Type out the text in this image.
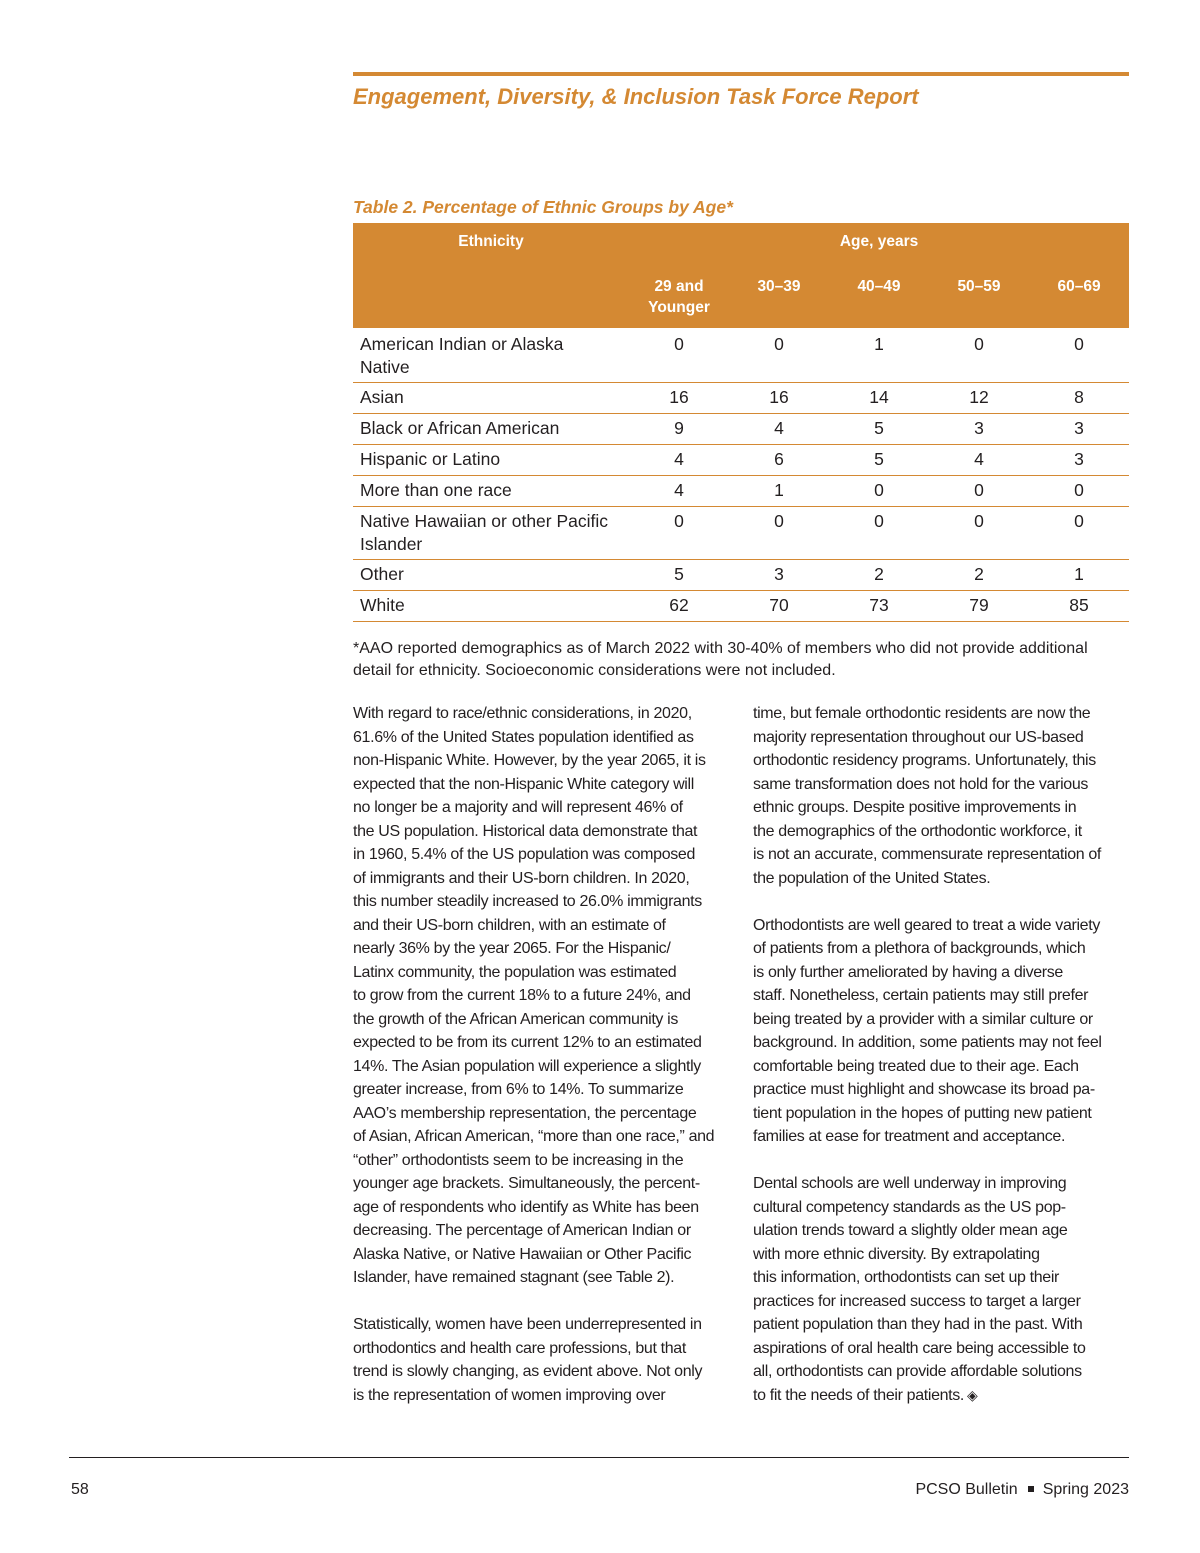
Engagement, Diversity, & Inclusion Task Force Report

Table 2. Percentage of Ethnic Groups by Age*

Ethnicity	Age, years				
	29 and
Younger	30–39	40–49	50–59	60–69
American Indian or Alaska
Native	0	0	1	0	0
Asian	16	16	14	12	8
Black or African American	9	4	5	3	3
Hispanic or Latino	4	6	5	4	3
More than one race	4	1	0	0	0
Native Hawaiian or other Pacific
Islander	0	0	0	0	0
Other	5	3	2	2	1
White	62	70	73	79	85

*AAO reported demographics as of March 2022 with 30-40% of members who did not provide additional detail for ethnicity. Socioeconomic considerations were not included.

With regard to race/ethnic considerations, in 2020,
61.6% of the United States population identified as
non-Hispanic White. However, by the year 2065, it is
expected that the non-Hispanic White category will
no longer be a majority and will represent 46% of
the US population. Historical data demonstrate that
in 1960, 5.4% of the US population was composed
of immigrants and their US-born children. In 2020,
this number steadily increased to 26.0% immigrants
and their US-born children, with an estimate of
nearly 36% by the year 2065. For the Hispanic/
Latinx community, the population was estimated
to grow from the current 18% to a future 24%, and
the growth of the African American community is
expected to be from its current 12% to an estimated
14%. The Asian population will experience a slightly
greater increase, from 6% to 14%. To summarize
AAO’s membership representation, the percentage
of Asian, African American, “more than one race,” and
“other” orthodontists seem to be increasing in the
younger age brackets. Simultaneously, the percent-
age of respondents who identify as White has been
decreasing. The percentage of American Indian or
Alaska Native, or Native Hawaiian or Other Pacific
Islander, have remained stagnant (see Table 2).

Statistically, women have been underrepresented in
orthodontics and health care professions, but that
trend is slowly changing, as evident above. Not only
is the representation of women improving over

time, but female orthodontic residents are now the
majority representation throughout our US-based
orthodontic residency programs. Unfortunately, this
same transformation does not hold for the various
ethnic groups. Despite positive improvements in
the demographics of the orthodontic workforce, it
is not an accurate, commensurate representation of
the population of the United States.

Orthodontists are well geared to treat a wide variety
of patients from a plethora of backgrounds, which
is only further ameliorated by having a diverse
staff. Nonetheless, certain patients may still prefer
being treated by a provider with a similar culture or
background. In addition, some patients may not feel
comfortable being treated due to their age. Each
practice must highlight and showcase its broad pa-
tient population in the hopes of putting new patient
families at ease for treatment and acceptance.

Dental schools are well underway in improving
cultural competency standards as the US pop-
ulation trends toward a slightly older mean age
with more ethnic diversity. By extrapolating
this information, orthodontists can set up their
practices for increased success to target a larger
patient population than they had in the past. With
aspirations of oral health care being accessible to
all, orthodontists can provide affordable solutions
to fit the needs of their patients. ◈

58	PCSO Bulletin Spring 2023
